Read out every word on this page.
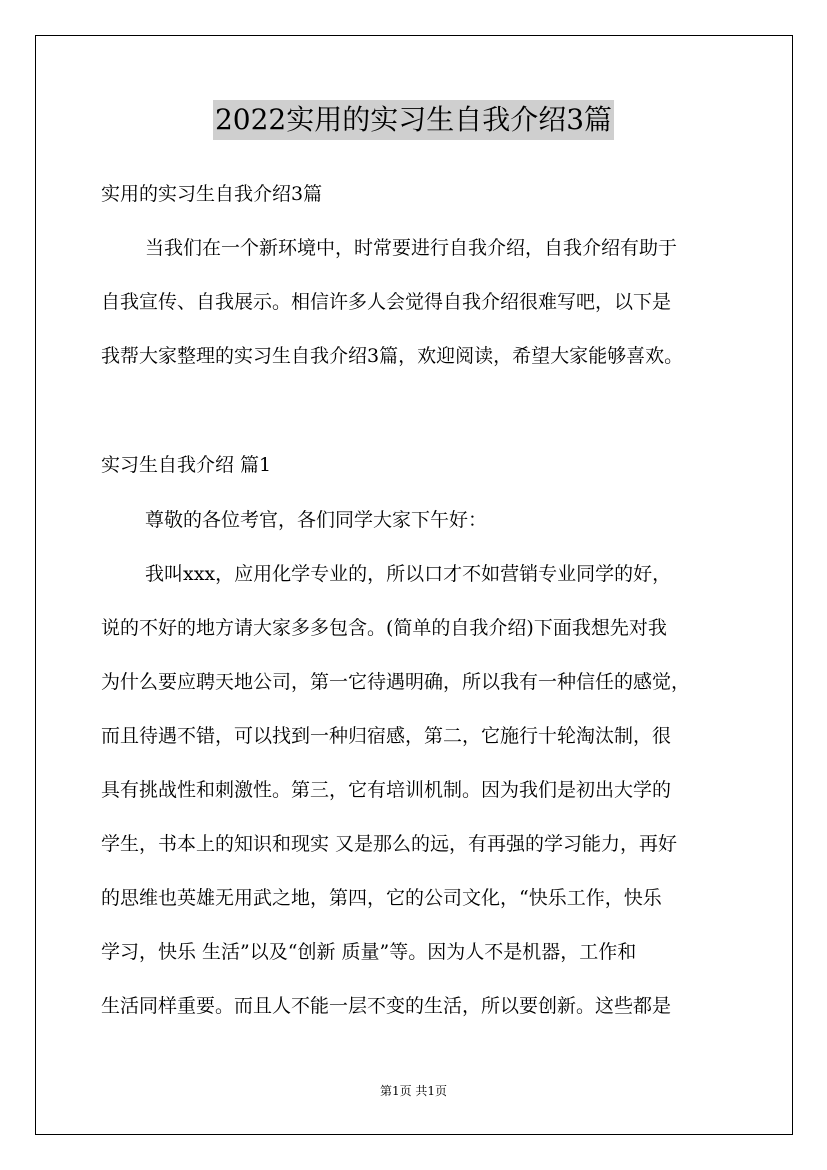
2022实用的实习生自我介绍3篇
实用的实习生自我介绍3篇
当我们在一个新环境中，时常要进行自我介绍，自我介绍有助于
自我宣传、自我展示。相信许多人会觉得自我介绍很难写吧，以下是
我帮大家整理的实习生自我介绍3篇，欢迎阅读，希望大家能够喜欢。
实习生自我介绍 篇1
尊敬的各位考官，各们同学大家下午好：
我叫xxx，应用化学专业的，所以口才不如营销专业同学的好，
说的不好的地方请大家多多包含。(简单的自我介绍)下面我想先对我
为什么要应聘天地公司，第一它待遇明确，所以我有一种信任的感觉，
而且待遇不错，可以找到一种归宿感，第二，它施行十轮淘汰制，很
具有挑战性和刺激性。第三，它有培训机制。因为我们是初出大学的
学生，书本上的知识和现实 又是那么的远，有再强的学习能力，再好
的思维也英雄无用武之地，第四，它的公司文化，“快乐工作，快乐
学习，快乐 生活”以及“创新 质量”等。因为人不是机器，工作和
生活同样重要。而且人不能一层不变的生活，所以要创新。这些都是
第1页 共1页
